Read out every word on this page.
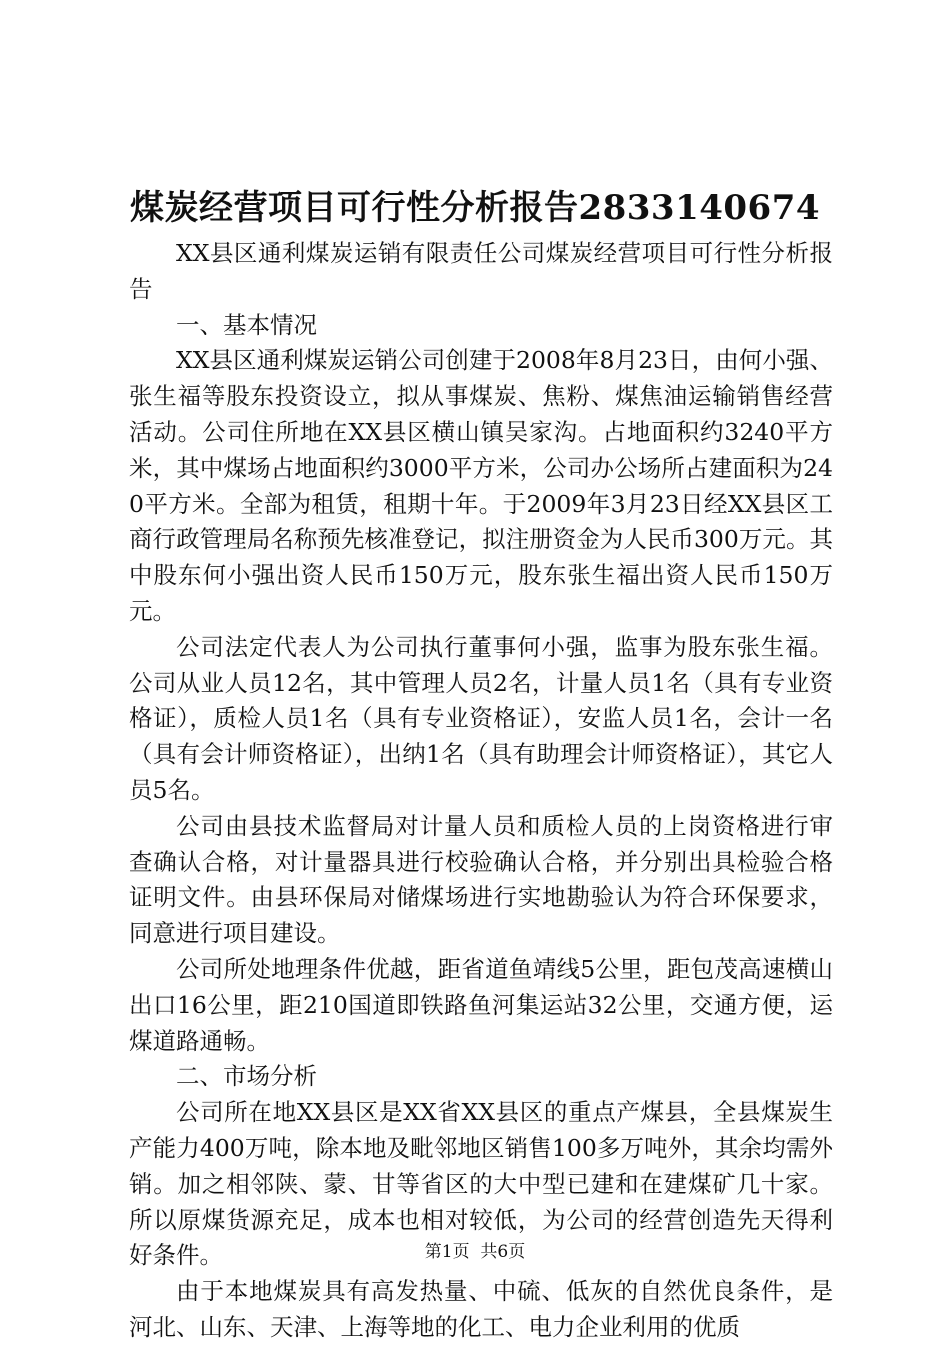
煤炭经营项目可行性分析报告2833140674

XX县区通利煤炭运销有限责任公司煤炭经营项目可行性分析报告

一、基本情况

XX县区通利煤炭运销公司创建于2008年8月23日，由何小强、张生福等股东投资设立，拟从事煤炭、焦粉、煤焦油运输销售经营活动。公司住所地在XX县区横山镇吴家沟。占地面积约3240平方米，其中煤场占地面积约3000平方米，公司办公场所占建面积为240平方米。全部为租赁，租期十年。于2009年3月23日经XX县区工商行政管理局名称预先核准登记，拟注册资金为人民币300万元。其中股东何小强出资人民币150万元，股东张生福出资人民币150万元。

公司法定代表人为公司执行董事何小强，监事为股东张生福。公司从业人员12名，其中管理人员2名，计量人员1名（具有专业资格证），质检人员1名（具有专业资格证），安监人员1名，会计一名（具有会计师资格证），出纳1名（具有助理会计师资格证），其它人员5名。

公司由县技术监督局对计量人员和质检人员的上岗资格进行审查确认合格，对计量器具进行校验确认合格，并分别出具检验合格证明文件。由县环保局对储煤场进行实地勘验认为符合环保要求，同意进行项目建设。

公司所处地理条件优越，距省道鱼靖线5公里，距包茂高速横山出口16公里，距210国道即铁路鱼河集运站32公里，交通方便，运煤道路通畅。

二、市场分析

公司所在地XX县区是XX省XX县区的重点产煤县，全县煤炭生产能力400万吨，除本地及毗邻地区销售100多万吨外，其余均需外销。加之相邻陕、蒙、甘等省区的大中型已建和在建煤矿几十家。所以原煤货源充足，成本也相对较低，为公司的经营创造先天得利好条件。

由于本地煤炭具有高发热量、中硫、低灰的自然优良条件，是河北、山东、天津、上海等地的化工、电力企业利用的优质

第1页  共6页
